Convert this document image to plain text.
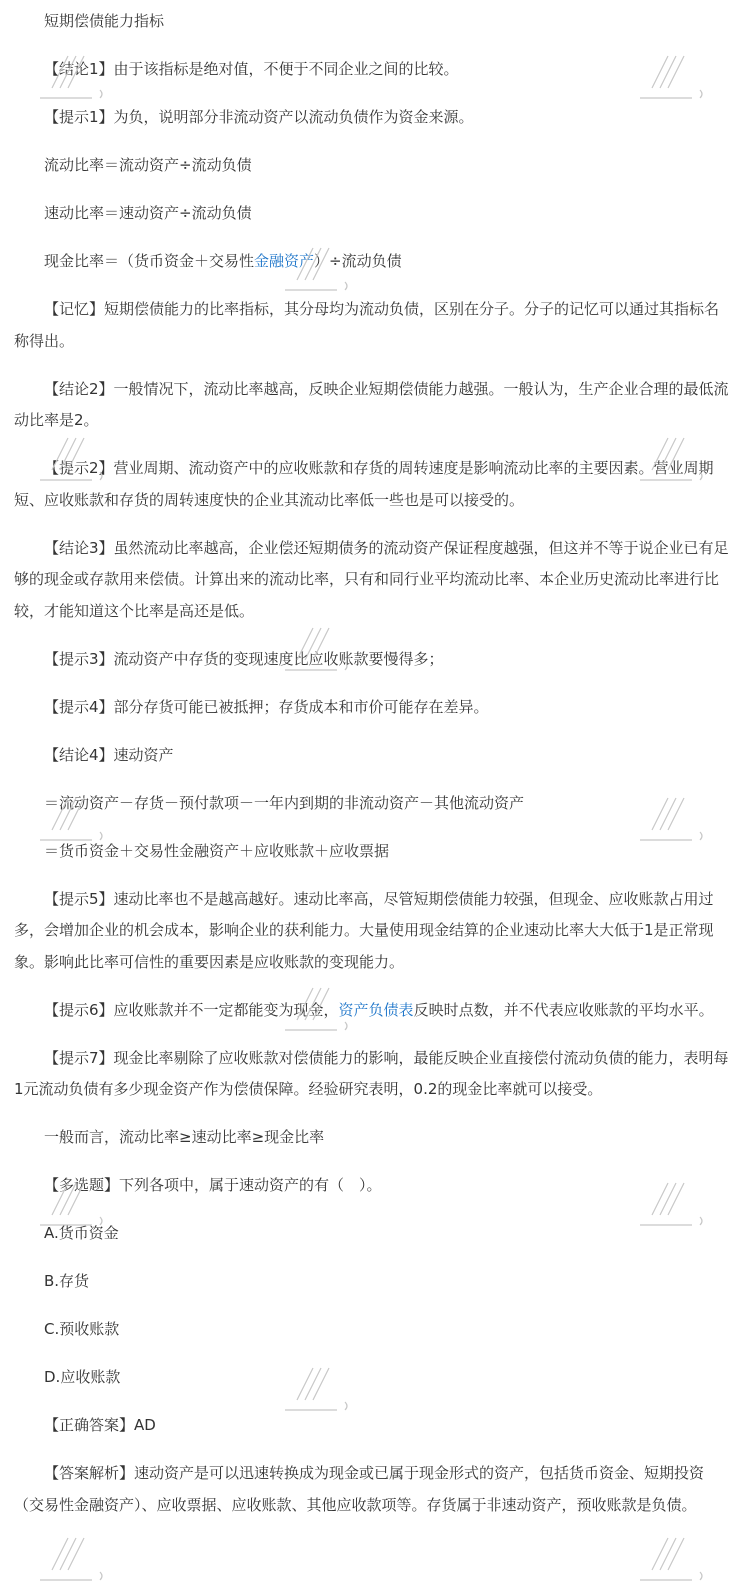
短期偿债能力指标

【结论1】由于该指标是绝对值，不便于不同企业之间的比较。

【提示1】为负，说明部分非流动资产以流动负债作为资金来源。

流动比率＝流动资产÷流动负债

速动比率＝速动资产÷流动负债

现金比率＝（货币资金＋交易性金融资产）÷流动负债

【记忆】短期偿债能力的比率指标，其分母均为流动负债，区别在分子。分子的记忆可以通过其指标名称得出。

【结论2】一般情况下，流动比率越高，反映企业短期偿债能力越强。一般认为，生产企业合理的最低流动比率是2。

【提示2】营业周期、流动资产中的应收账款和存货的周转速度是影响流动比率的主要因素。营业周期短、应收账款和存货的周转速度快的企业其流动比率低一些也是可以接受的。

【结论3】虽然流动比率越高，企业偿还短期债务的流动资产保证程度越强，但这并不等于说企业已有足够的现金或存款用来偿债。计算出来的流动比率，只有和同行业平均流动比率、本企业历史流动比率进行比较，才能知道这个比率是高还是低。

【提示3】流动资产中存货的变现速度比应收账款要慢得多；

【提示4】部分存货可能已被抵押；存货成本和市价可能存在差异。

【结论4】速动资产

＝流动资产－存货－预付款项－一年内到期的非流动资产－其他流动资产

＝货币资金＋交易性金融资产＋应收账款＋应收票据

【提示5】速动比率也不是越高越好。速动比率高，尽管短期偿债能力较强，但现金、应收账款占用过多，会增加企业的机会成本，影响企业的获利能力。大量使用现金结算的企业速动比率大大低于1是正常现象。影响此比率可信性的重要因素是应收账款的变现能力。

【提示6】应收账款并不一定都能变为现金，资产负债表反映时点数，并不代表应收账款的平均水平。

【提示7】现金比率剔除了应收账款对偿债能力的影响，最能反映企业直接偿付流动负债的能力，表明每1元流动负债有多少现金资产作为偿债保障。经验研究表明，0.2的现金比率就可以接受。

一般而言，流动比率≥速动比率≥现金比率

【多选题】下列各项中，属于速动资产的有（　）。

A.货币资金

B.存货

C.预收账款

D.应收账款

【正确答案】AD

【答案解析】速动资产是可以迅速转换成为现金或已属于现金形式的资产，包括货币资金、短期投资（交易性金融资产）、应收票据、应收账款、其他应收款项等。存货属于非速动资产，预收账款是负债。
